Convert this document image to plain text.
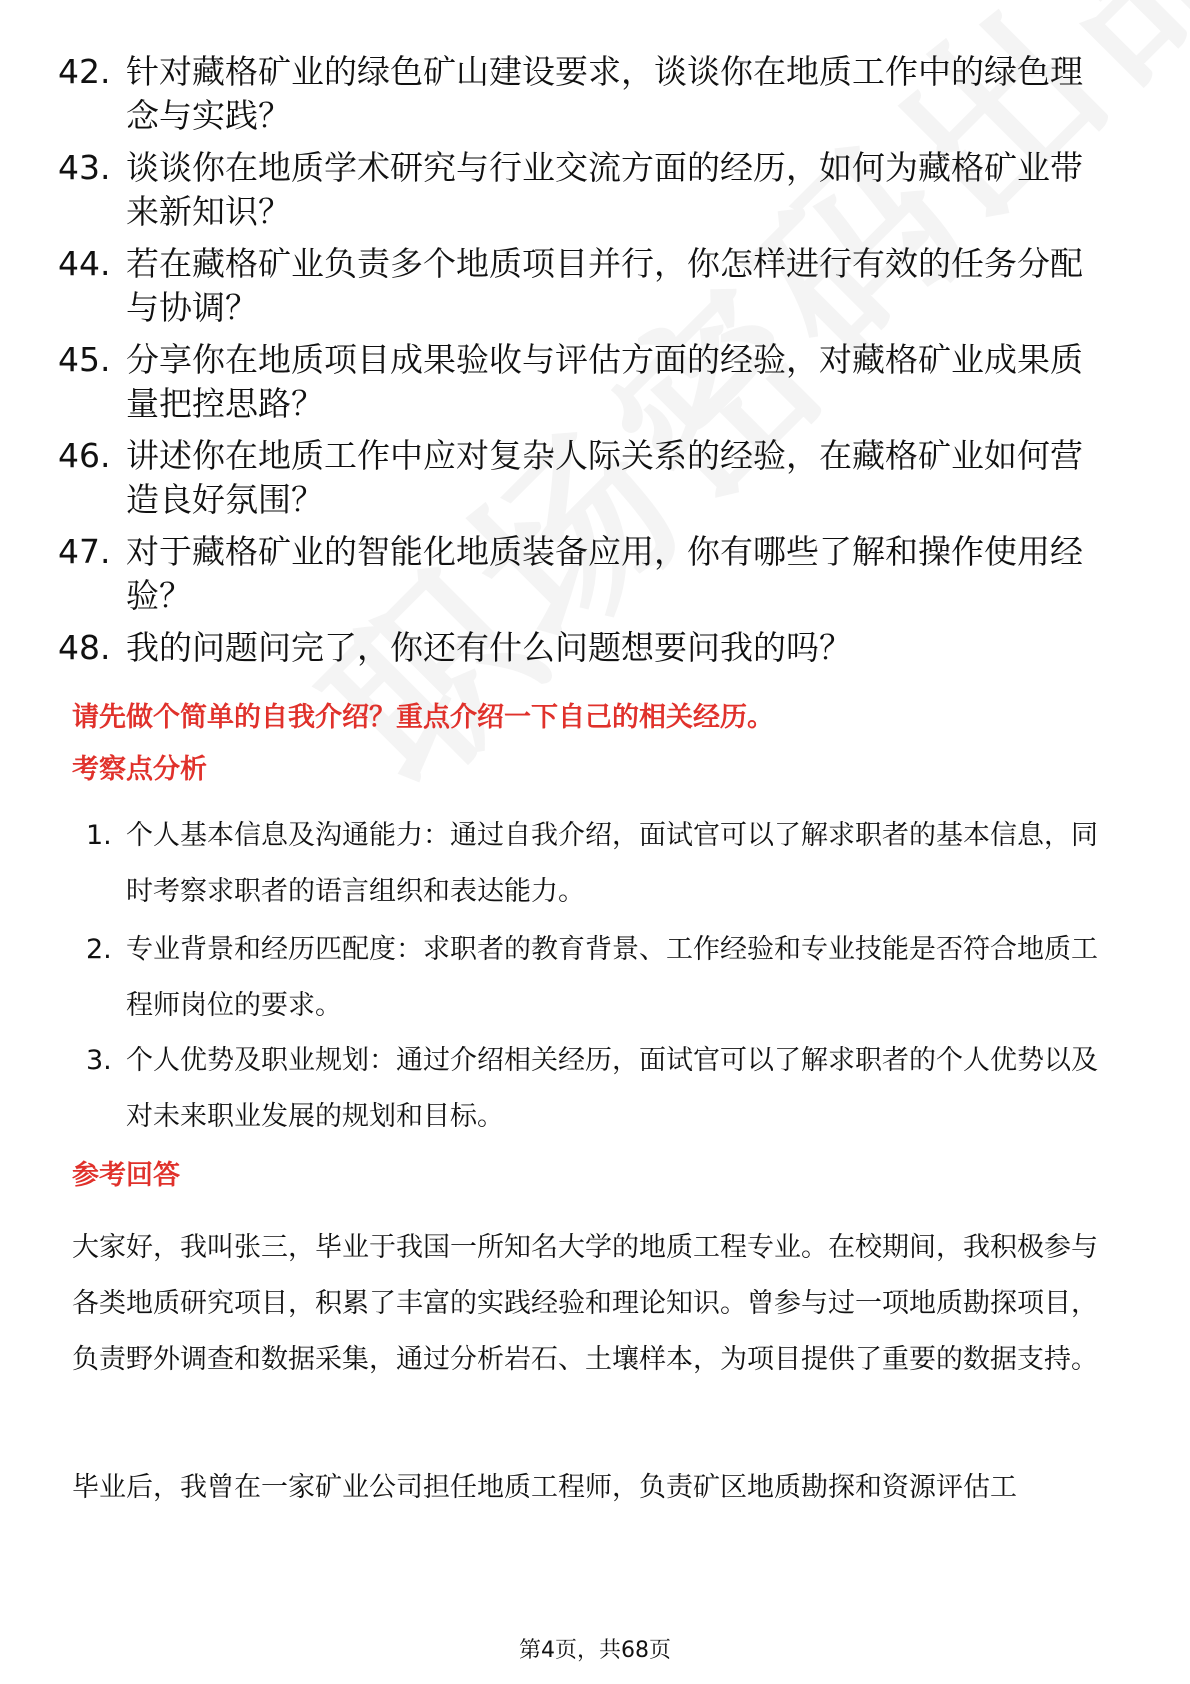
42. 针对藏格矿业的绿色矿山建设要求，谈谈你在地质工作中的绿色理念与实践？
43. 谈谈你在地质学术研究与行业交流方面的经历，如何为藏格矿业带来新知识？
44. 若在藏格矿业负责多个地质项目并行，你怎样进行有效的任务分配与协调？
45. 分享你在地质项目成果验收与评估方面的经验，对藏格矿业成果质量把控思路？
46. 讲述你在地质工作中应对复杂人际关系的经验，在藏格矿业如何营造良好氛围？
47. 对于藏格矿业的智能化地质装备应用，你有哪些了解和操作使用经验？
48. 我的问题问完了，你还有什么问题想要问我的吗？
请先做个简单的自我介绍？重点介绍一下自己的相关经历。
考察点分析
1. 个人基本信息及沟通能力：通过自我介绍，面试官可以了解求职者的基本信息，同时考察求职者的语言组织和表达能力。
2. 专业背景和经历匹配度：求职者的教育背景、工作经验和专业技能是否符合地质工程师岗位的要求。
3. 个人优势及职业规划：通过介绍相关经历，面试官可以了解求职者的个人优势以及对未来职业发展的规划和目标。
参考回答
大家好，我叫张三，毕业于我国一所知名大学的地质工程专业。在校期间，我积极参与各类地质研究项目，积累了丰富的实践经验和理论知识。曾参与过一项地质勘探项目，负责野外调查和数据采集，通过分析岩石、土壤样本，为项目提供了重要的数据支持。
毕业后，我曾在一家矿业公司担任地质工程师，负责矿区地质勘探和资源评估工
第4页，共68页
